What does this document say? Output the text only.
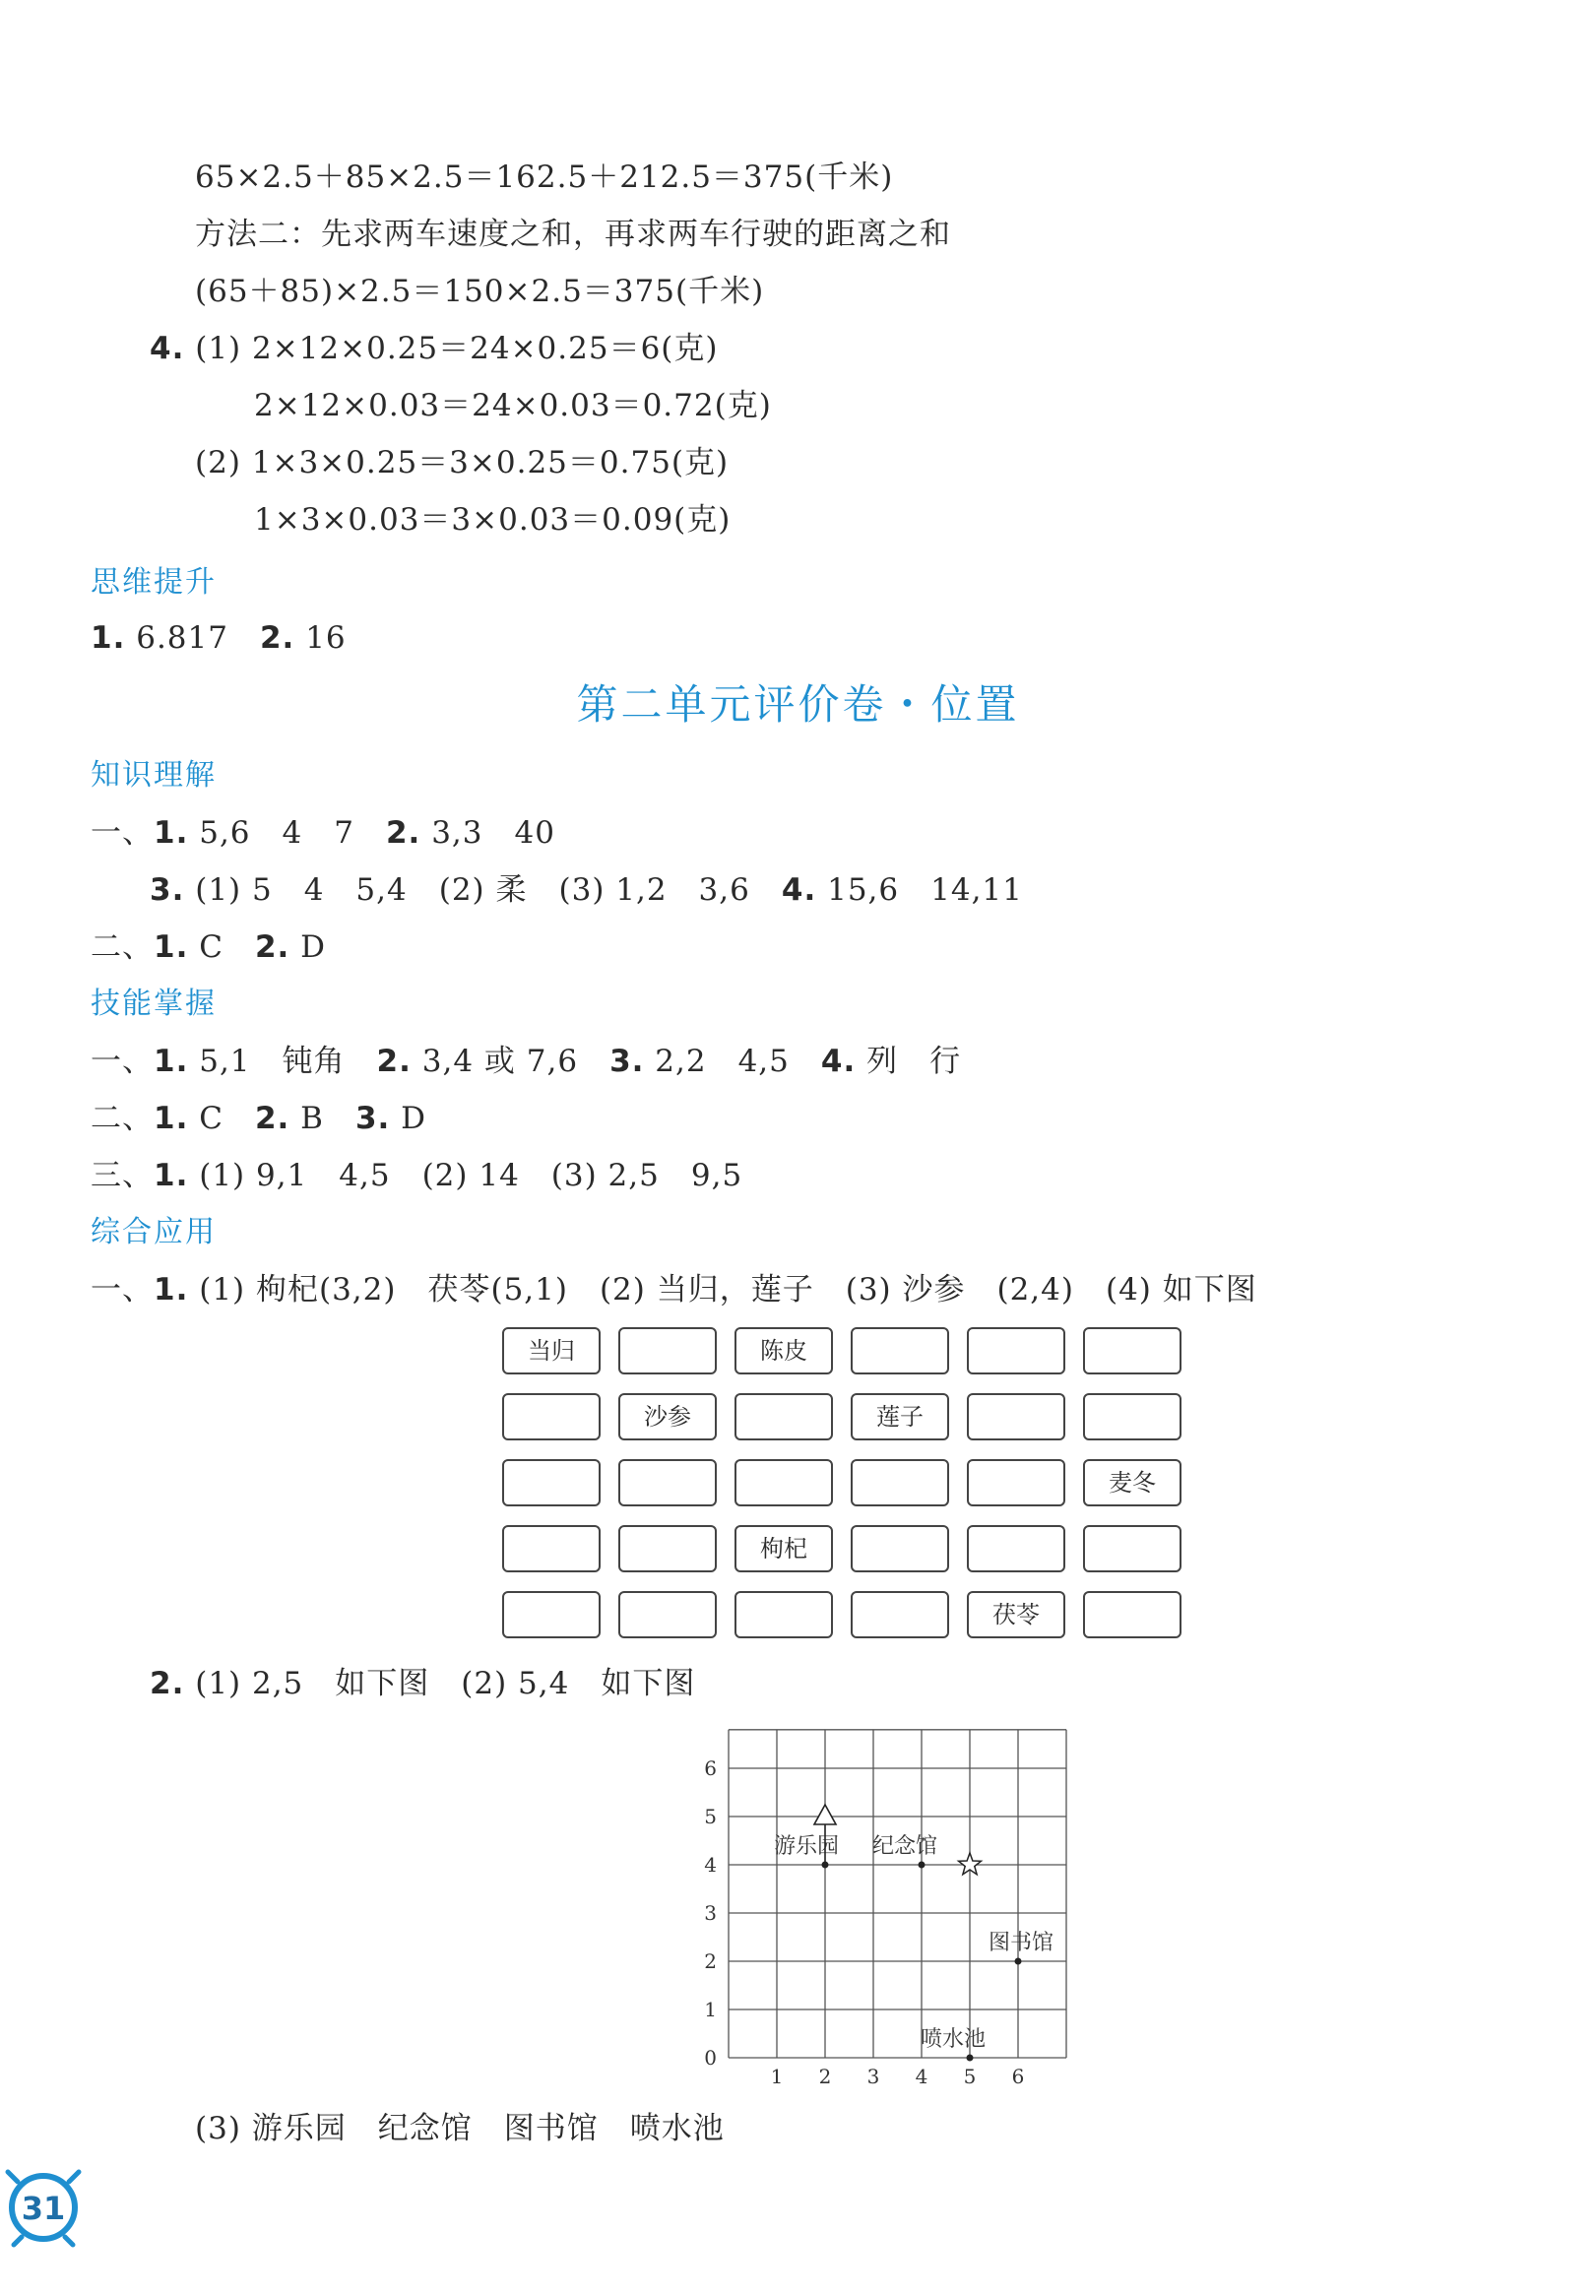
65×2.5＋85×2.5＝162.5＋212.5＝375(千米)
方法二：先求两车速度之和，再求两车行驶的距离之和
(65＋85)×2.5＝150×2.5＝375(千米)
4. (1) 2×12×0.25＝24×0.25＝6(克)
2×12×0.03＝24×0.03＝0.72(克)
(2) 1×3×0.25＝3×0.25＝0.75(克)
1×3×0.03＝3×0.03＝0.09(克)
思维提升
1. 6.817　 2. 16
第二单元评价卷・位置
知识理解
一、1. 5,6　4　7　 2. 3,3　40
3. (1) 5　4　5,4　(2) 柔　(3) 1,2　3,6　 4. 15,6　14,11
二、1. C　 2. D
技能掌握
一、1. 5,1　钝角　 2. 3,4 或 7,6　 3. 2,2　4,5　 4. 列　行
二、1. C　 2. B　 3. D
三、1. (1) 9,1　4,5　(2) 14　(3) 2,5　9,5
综合应用
一、1. (1) 枸杞(3,2)　茯苓(5,1)　(2) 当归，莲子　(3) 沙参　(2,4)　(4) 如下图
当归	陈皮
沙参	莲子
麦冬
枸杞
茯苓
2. (1) 2,5　如下图　(2) 5,4　如下图
1 2 3 4 5 6
0
1
2
3
4
5
6
游乐园 纪念馆
图书馆
喷水池
(3) 游乐园　纪念馆　图书馆　喷水池
31
